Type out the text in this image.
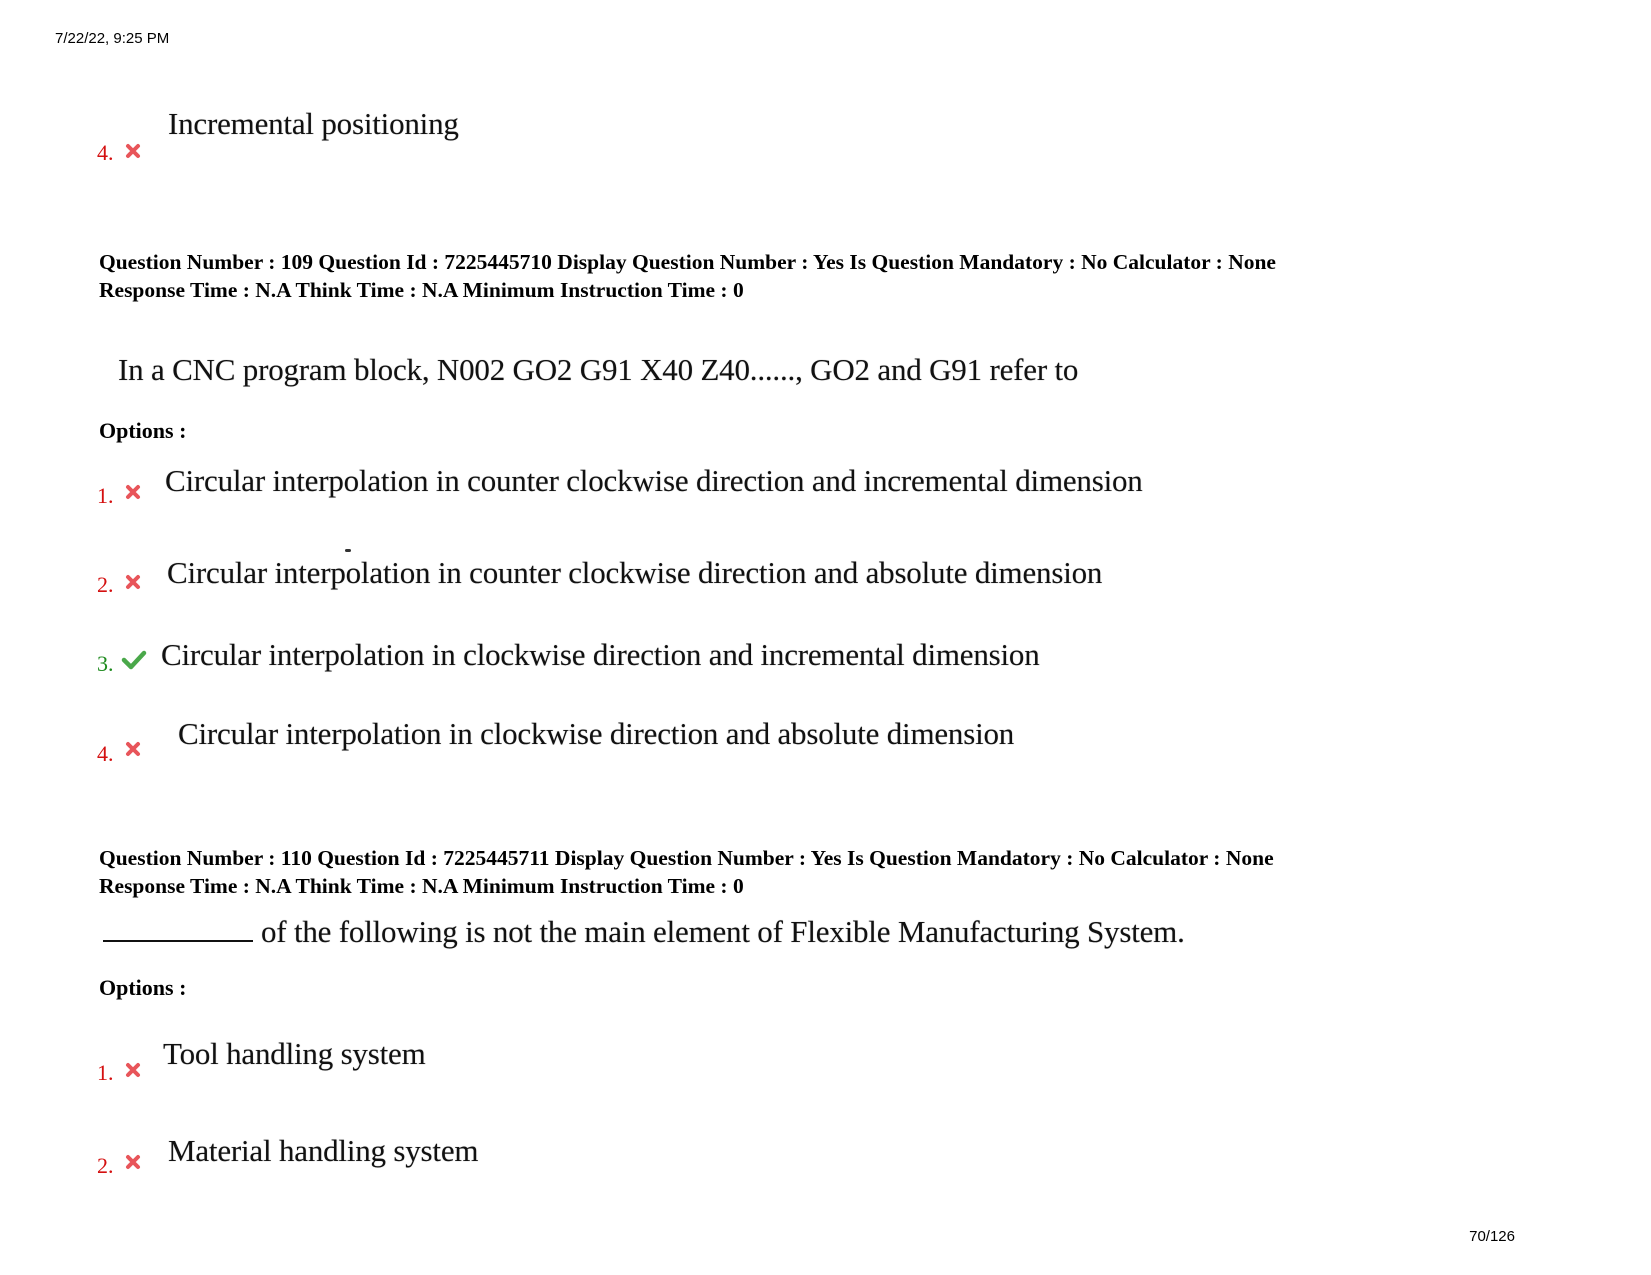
7/22/22, 9:25 PM
70/126
4.
Incremental positioning
Question Number : 109 Question Id : 7225445710 Display Question Number : Yes Is Question Mandatory : No Calculator : None
Response Time : N.A Think Time : N.A Minimum Instruction Time : 0
In a CNC program block, N002 GO2 G91 X40 Z40......, GO2 and G91 refer to
Options :
1. Circular interpolation in counter clockwise direction and incremental dimension
2. Circular interpolation in counter clockwise direction and absolute dimension
3. Circular interpolation in clockwise direction and incremental dimension
4.
Circular interpolation in clockwise direction and absolute dimension
Question Number : 110 Question Id : 7225445711 Display Question Number : Yes Is Question Mandatory : No Calculator : None
Response Time : N.A Think Time : N.A Minimum Instruction Time : 0
of the following is not the main element of Flexible Manufacturing System.
Options :
1.
Tool handling system
2. Material handling system
